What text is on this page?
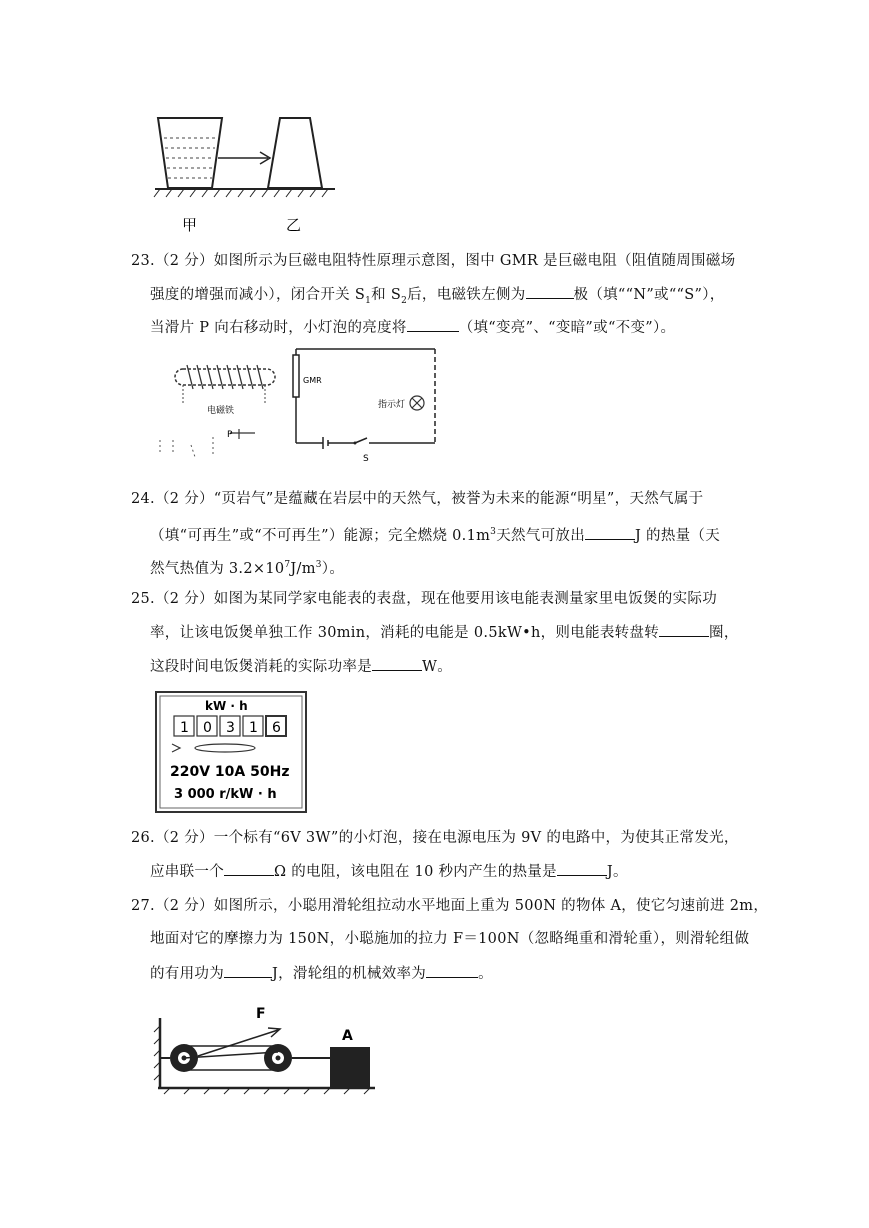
甲	乙
23.（2 分）如图所示为巨磁电阻特性原理示意图，图中 GMR 是巨磁电阻（阻值随周围磁场
强度的增强而减小），闭合开关 $S_1$和 $S_2$后，电磁铁左侧为	极（填““N”或““S”），
当滑片 P 向右移动时，小灯泡的亮度将	（填“变亮”、“变暗”或“不变”）。
电磁铁
P
GMR
指示灯
S
24.（2 分）“页岩气”是蕴藏在岩层中的天然气，被誉为未来的能源“明星”，天然气属于
（填“可再生”或“不可再生”）能源；完全燃烧 $0.1m^3$天然气可放出	J 的热量（天
然气热值为 $3.2\times 10^7J/m^3$）。
25.（2 分）如图为某同学家电能表的表盘，现在他要用该电能表测量家里电饭煲的实际功
率，让该电饭煲单独工作 30min，消耗的电能是 0.5kW•h，则电能表转盘转	圈，
这段时间电饭煲消耗的实际功率是	W。
kW · h
1 0 3 1 6
220V 10A 50Hz
3 000 r/kW · h
26.（2 分）一个标有“6V 3W”的小灯泡，接在电源电压为 9V 的电路中，为使其正常发光，
应串联一个	Ω 的电阻，该电阻在 10 秒内产生的热量是	J。
27.（2 分）如图所示，小聪用滑轮组拉动水平地面上重为 500N 的物体 A，使它匀速前进 2m，
地面对它的摩擦力为 150N，小聪施加的拉力 F＝100N（忽略绳重和滑轮重），则滑轮组做
的有用功为	J，滑轮组的机械效率为	。
F
A
